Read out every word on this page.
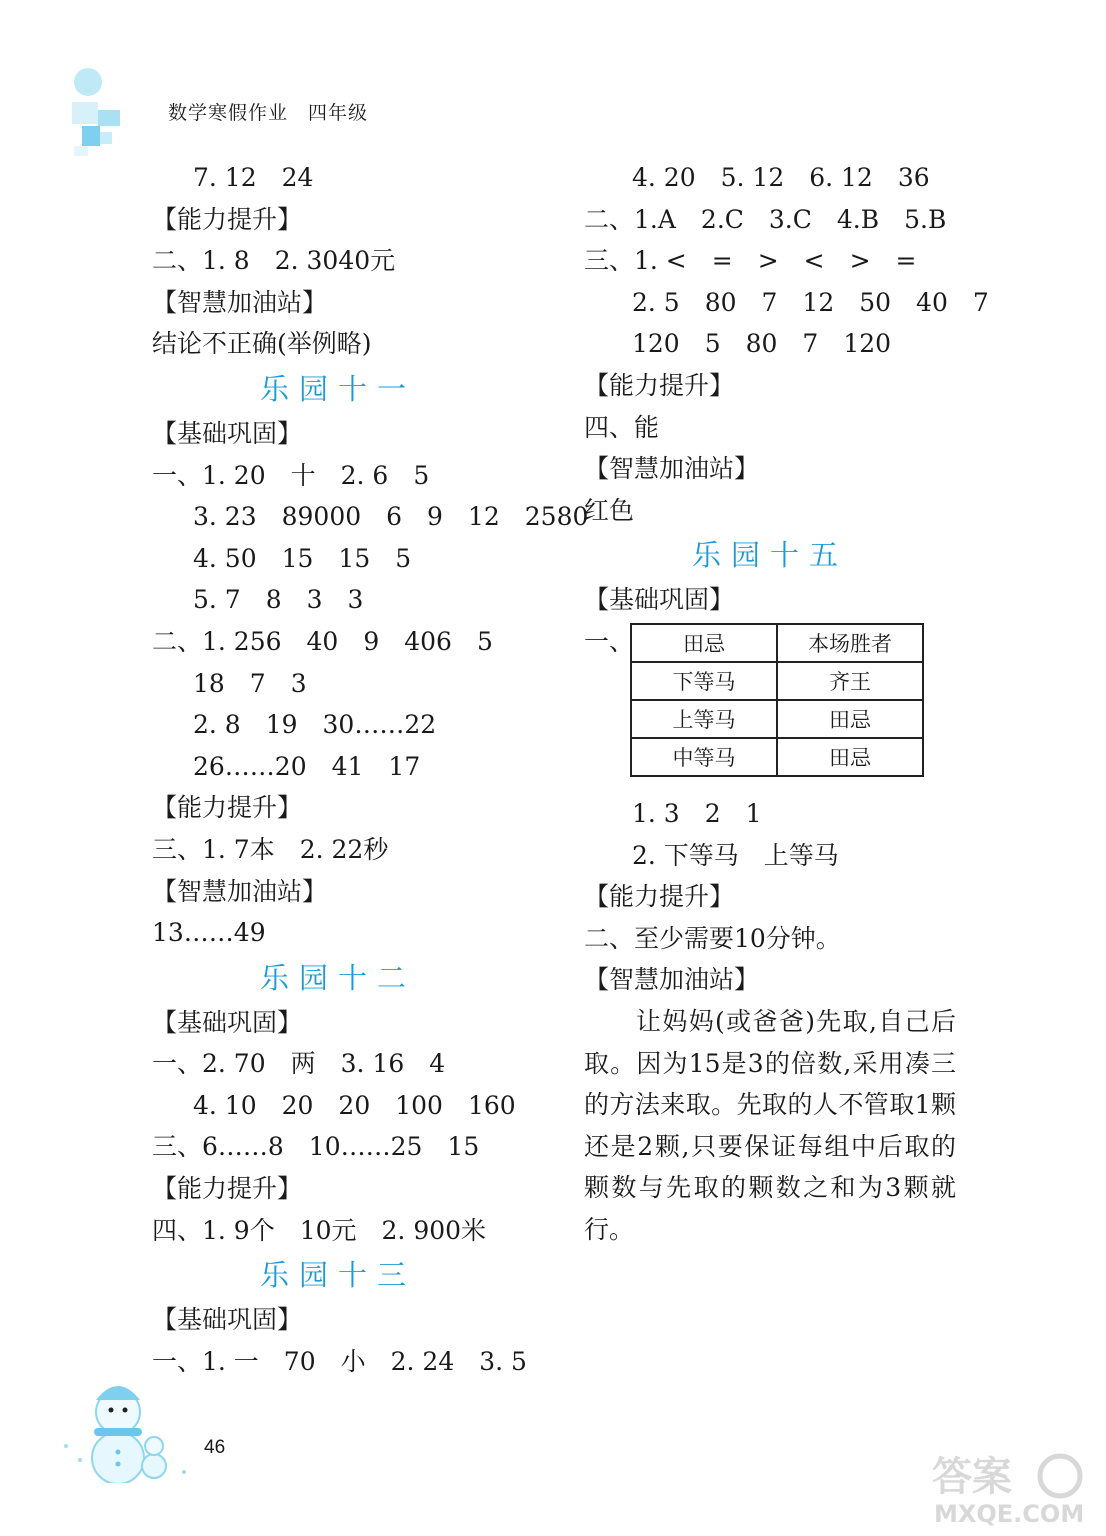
数学寒假作业　四年级
7. 12　24
【能力提升】
二、1. 8　2. 3040元
【智慧加油站】
结论不正确(举例略)
乐园十一
【基础巩固】
一、1. 20　十　2. 6　5
3. 23　89000　6　9　12　2580
4. 50　15　15　5
5. 7　8　3　3
二、1. 256　40　9　406　5
18　7　3
2. 8　19　30……22
26……20　41　17
【能力提升】
三、1. 7本　2. 22秒
【智慧加油站】
13……49
乐园十二
【基础巩固】
一、2. 70　两　3. 16　4
4. 10　20　20　100　160
三、6……8　10……25　15
【能力提升】
四、1. 9个　10元　2. 900米
乐园十三
【基础巩固】
一、1. 一　70　小　2. 24　3. 5
4. 20　5. 12　6. 12　36
二、1.A　2.C　3.C　4.B　5.B
三、1. <　=　>　<　>　=
2. 5　80　7　12　50　40　7
120　5　80　7　120
【能力提升】
四、能
【智慧加油站】
红色
乐园十五
【基础巩固】
一、 田忌	本场胜者
下等马	齐王
上等马	田忌
中等马	田忌
1. 3　2　1
2. 下等马　上等马
【能力提升】
二、至少需要10分钟。
【智慧加油站】
让妈妈(或爸爸)先取,自己后取。因为15是3的倍数,采用凑三的方法来取。先取的人不管取1颗还是2颗,只要保证每组中后取的颗数与先取的颗数之和为3颗就行。
46
答案
MXQE.COM
